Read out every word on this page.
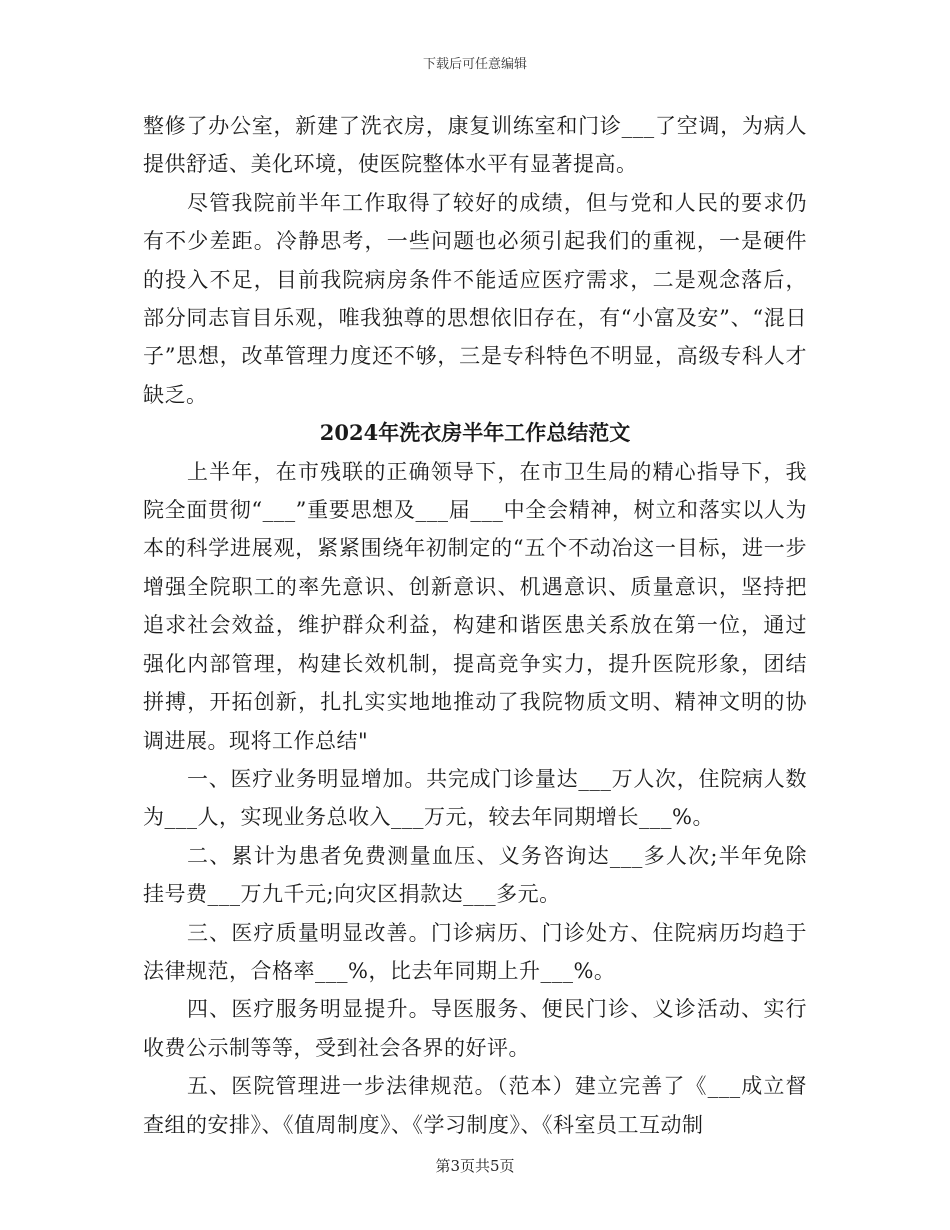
下载后可任意编辑

整修了办公室，新建了洗衣房，康复训练室和门诊___了空调，为病人提供舒适、美化环境，使医院整体水平有显著提高。

尽管我院前半年工作取得了较好的成绩，但与党和人民的要求仍有不少差距。冷静思考，一些问题也必须引起我们的重视，一是硬件的投入不足，目前我院病房条件不能适应医疗需求，二是观念落后，部分同志盲目乐观，唯我独尊的思想依旧存在，有“小富及安”、“混日子”思想，改革管理力度还不够，三是专科特色不明显，高级专科人才缺乏。

2024年洗衣房半年工作总结范文

上半年，在市残联的正确领导下，在市卫生局的精心指导下，我院全面贯彻“___”重要思想及___届___中全会精神，树立和落实以人为本的科学进展观，紧紧围绕年初制定的“五个不动冶这一目标，进一步增强全院职工的率先意识、创新意识、机遇意识、质量意识，坚持把追求社会效益，维护群众利益，构建和谐医患关系放在第一位，通过强化内部管理，构建长效机制，提高竞争实力，提升医院形象，团结拼搏，开拓创新，扎扎实实地地推动了我院物质文明、精神文明的协调进展。现将工作总结"

一、医疗业务明显增加。共完成门诊量达___万人次，住院病人数为___人，实现业务总收入___万元，较去年同期增长___%。

二、累计为患者免费测量血压、义务咨询达___多人次;半年免除挂号费___万九千元;向灾区捐款达___多元。

三、医疗质量明显改善。门诊病历、门诊处方、住院病历均趋于法律规范，合格率___%，比去年同期上升___%。

四、医疗服务明显提升。导医服务、便民门诊、义诊活动、实行收费公示制等等，受到社会各界的好评。

五、医院管理进一步法律规范。（范本）建立完善了《___成立督查组的安排》、《值周制度》、《学习制度》、《科室员工互动制

第3页共5页
